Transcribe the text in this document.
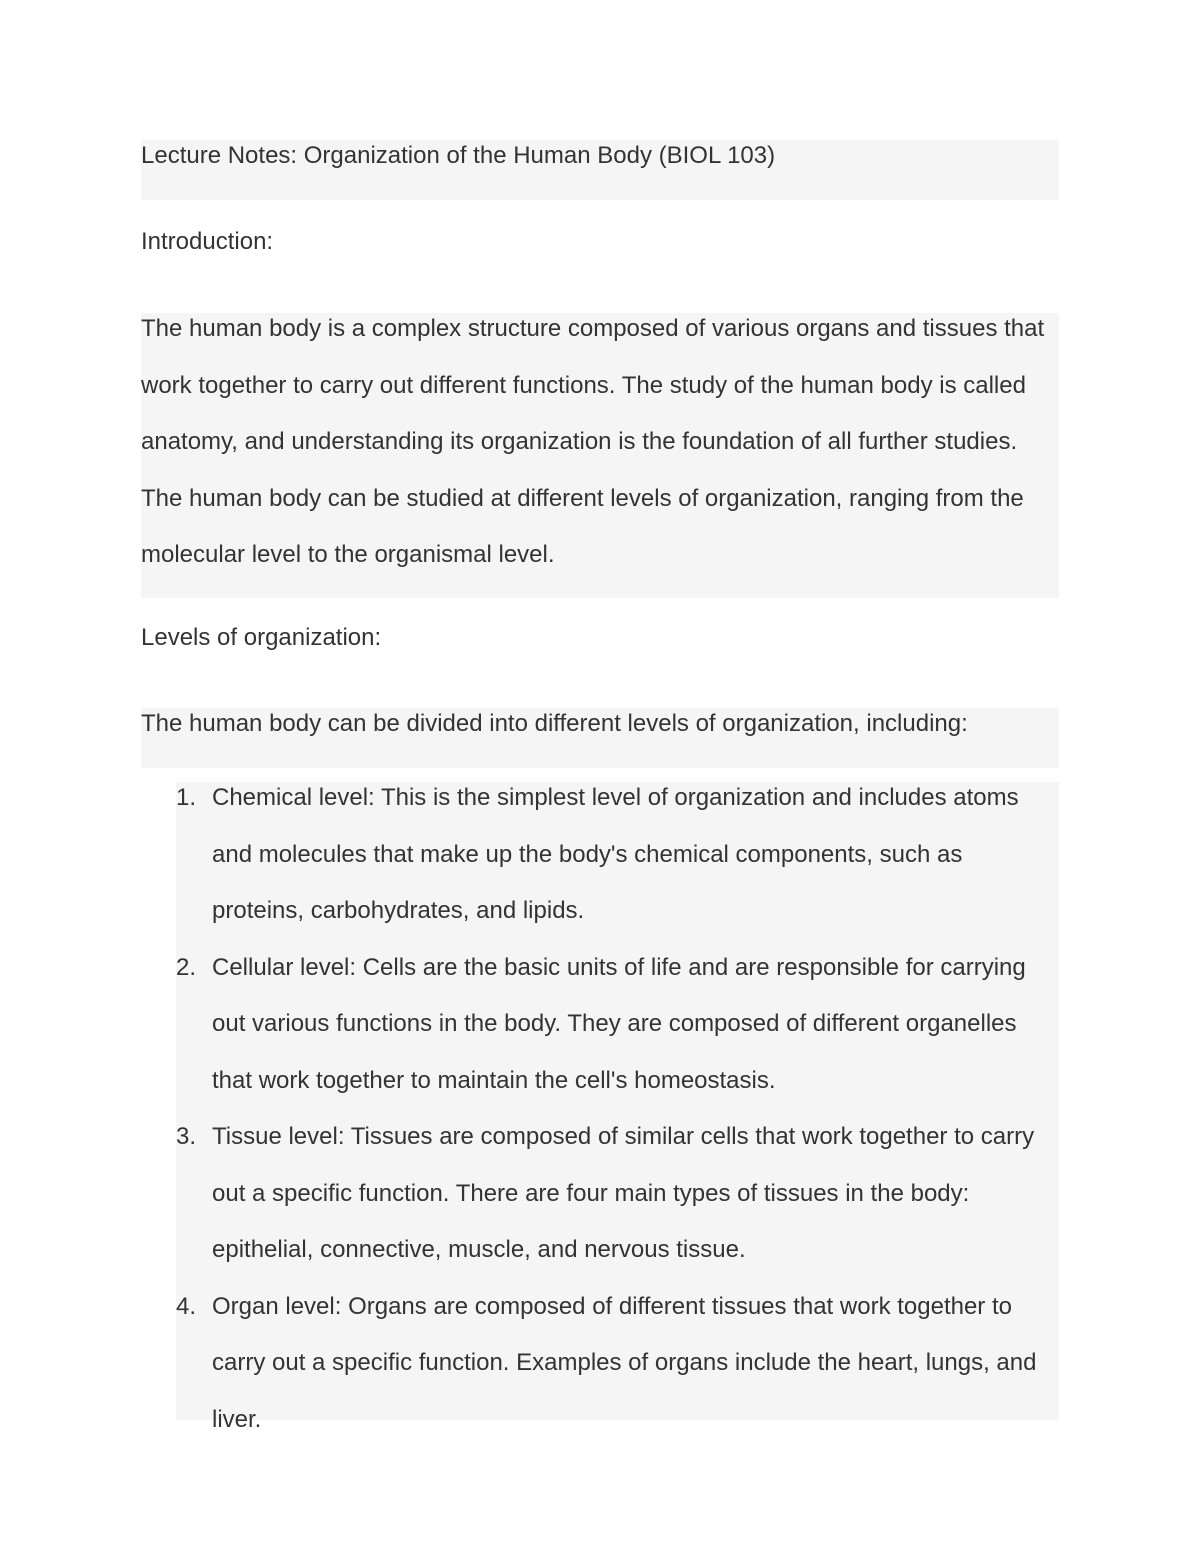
Lecture Notes: Organization of the Human Body (BIOL 103)
Introduction:

The human body is a complex structure composed of various organs and tissues that work together to carry out different functions. The study of the human body is called anatomy, and understanding its organization is the foundation of all further studies. The human body can be studied at different levels of organization, ranging from the molecular level to the organismal level.

Levels of organization:

The human body can be divided into different levels of organization, including:

1. Chemical level: This is the simplest level of organization and includes atoms and molecules that make up the body's chemical components, such as proteins, carbohydrates, and lipids.
2. Cellular level: Cells are the basic units of life and are responsible for carrying out various functions in the body. They are composed of different organelles that work together to maintain the cell's homeostasis.
3. Tissue level: Tissues are composed of similar cells that work together to carry out a specific function. There are four main types of tissues in the body: epithelial, connective, muscle, and nervous tissue.
4. Organ level: Organs are composed of different tissues that work together to carry out a specific function. Examples of organs include the heart, lungs, and liver.
